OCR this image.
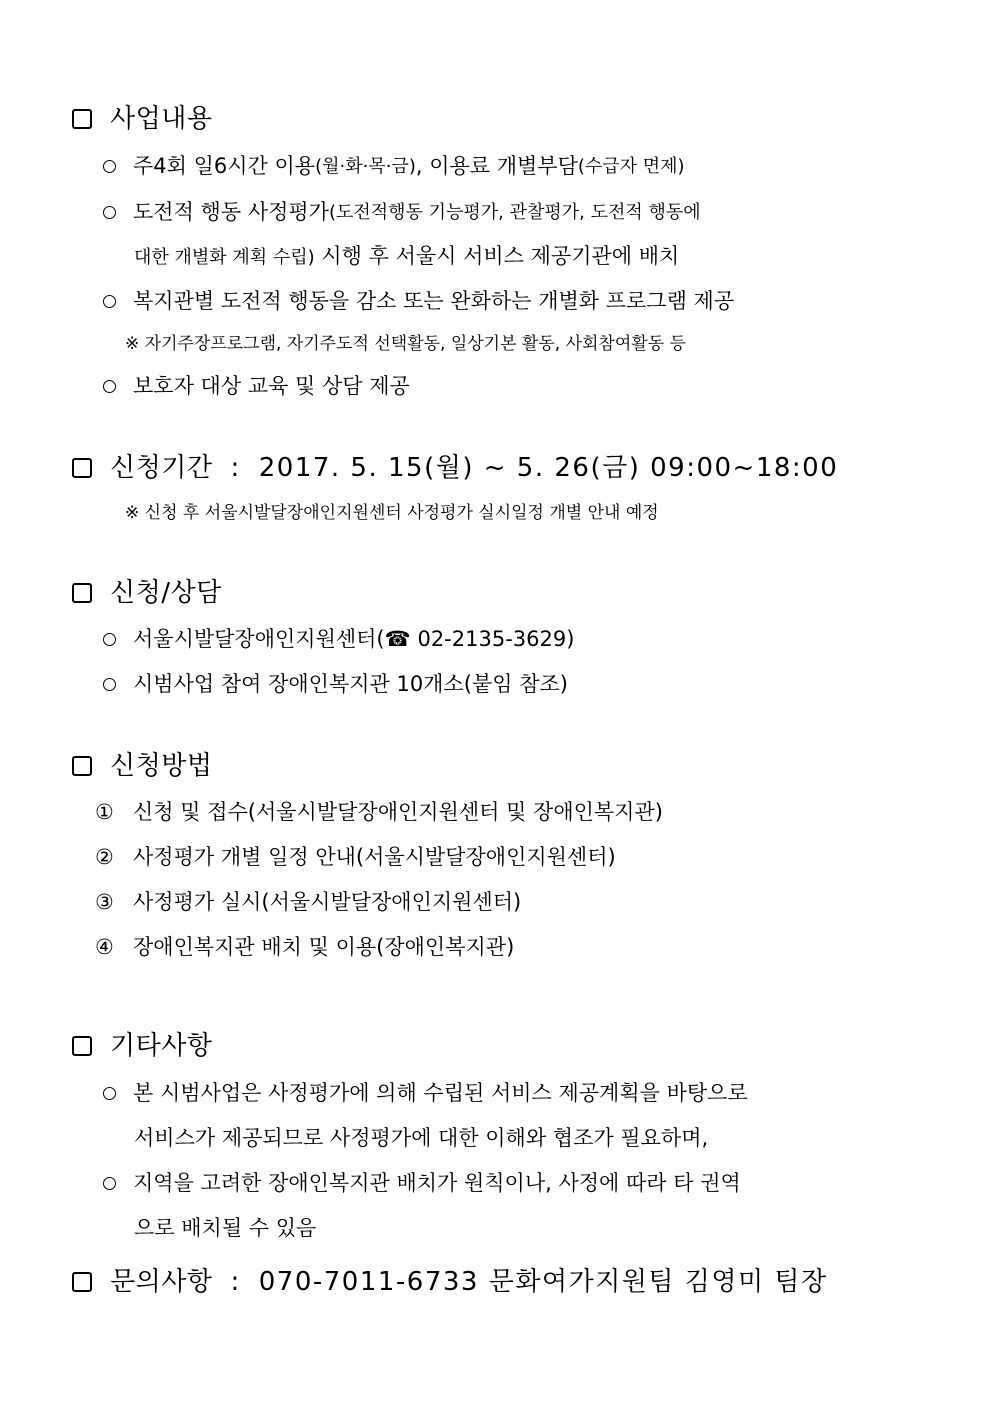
사업내용
주4회 일6시간 이용 (월·화·목·금) , 이용료 개별부담 (수급자 면제)
도전적 행동 사정평가 (도전적행동 기능평가, 관찰평가, 도전적 행동에
대한 개별화 계획 수립) 시행 후 서울시 서비스 제공기관에 배치
복지관별 도전적 행동을 감소 또는 완화하는 개별화 프로그램 제공
※ 자기주장프로그램, 자기주도적 선택활동, 일상기본 활동, 사회참여활동 등
보호자 대상 교육 및 상담 제공
신청기간 : 2017. 5. 15(월) ~ 5. 26(금) 09:00~18:00
※ 신청 후 서울시발달장애인지원센터 사정평가 실시일정 개별 안내 예정
신청/상담
서울시발달장애인지원센터(☎ 02-2135-3629)
시범사업 참여 장애인복지관 10개소(붙임 참조)
신청방법
① 신청 및 접수(서울시발달장애인지원센터 및 장애인복지관)
② 사정평가 개별 일정 안내(서울시발달장애인지원센터)
③ 사정평가 실시(서울시발달장애인지원센터)
④ 장애인복지관 배치 및 이용(장애인복지관)
기타사항
본 시범사업은 사정평가에 의해 수립된 서비스 제공계획을 바탕으로
서비스가 제공되므로 사정평가에 대한 이해와 협조가 필요하며,
지역을 고려한 장애인복지관 배치가 원칙이나, 사정에 따라 타 권역
으로 배치될 수 있음
문의사항 : 070-7011-6733 문화여가지원팀 김영미 팀장
